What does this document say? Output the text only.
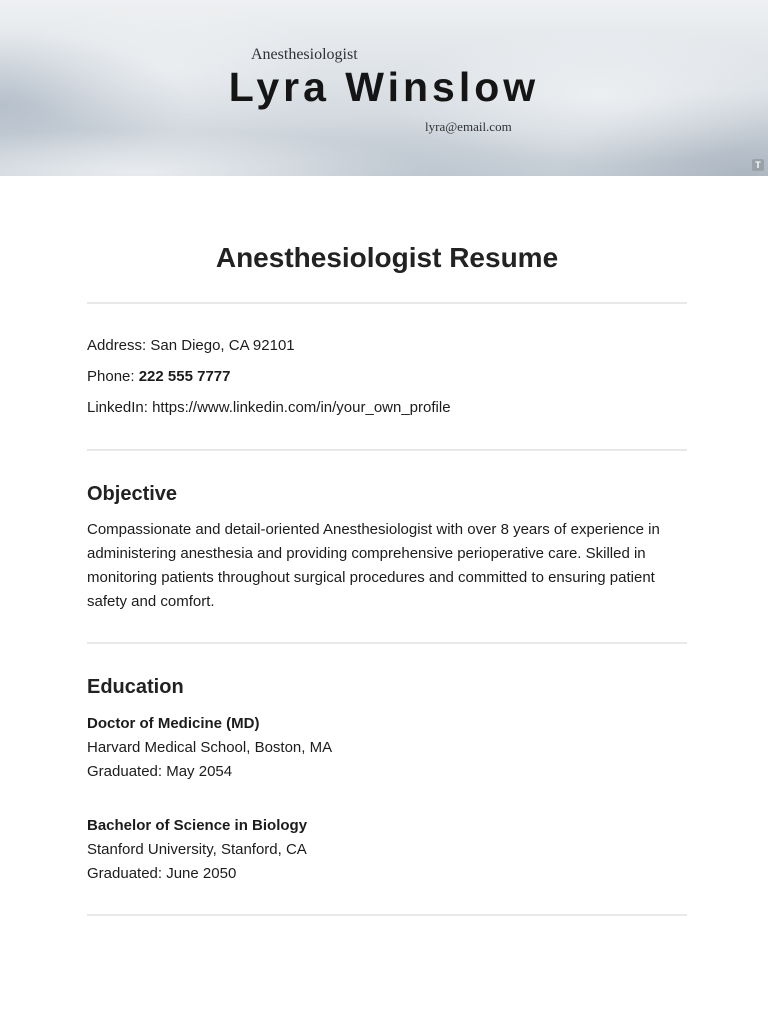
Anesthesiologist
Lyra Winslow
lyra@email.com
T
Anesthesiologist Resume

Address: San Diego, CA 92101

Phone: 222 555 7777

LinkedIn: https://www.linkedin.com/in/your_own_profile

Objective

Compassionate and detail-oriented Anesthesiologist with over 8 years of experience in administering anesthesia and providing comprehensive perioperative care. Skilled in monitoring patients throughout surgical procedures and committed to ensuring patient safety and comfort.

Education
Doctor of Medicine (MD)
Harvard Medical School, Boston, MA
Graduated: May 2054
Bachelor of Science in Biology
Stanford University, Stanford, CA
Graduated: June 2050
